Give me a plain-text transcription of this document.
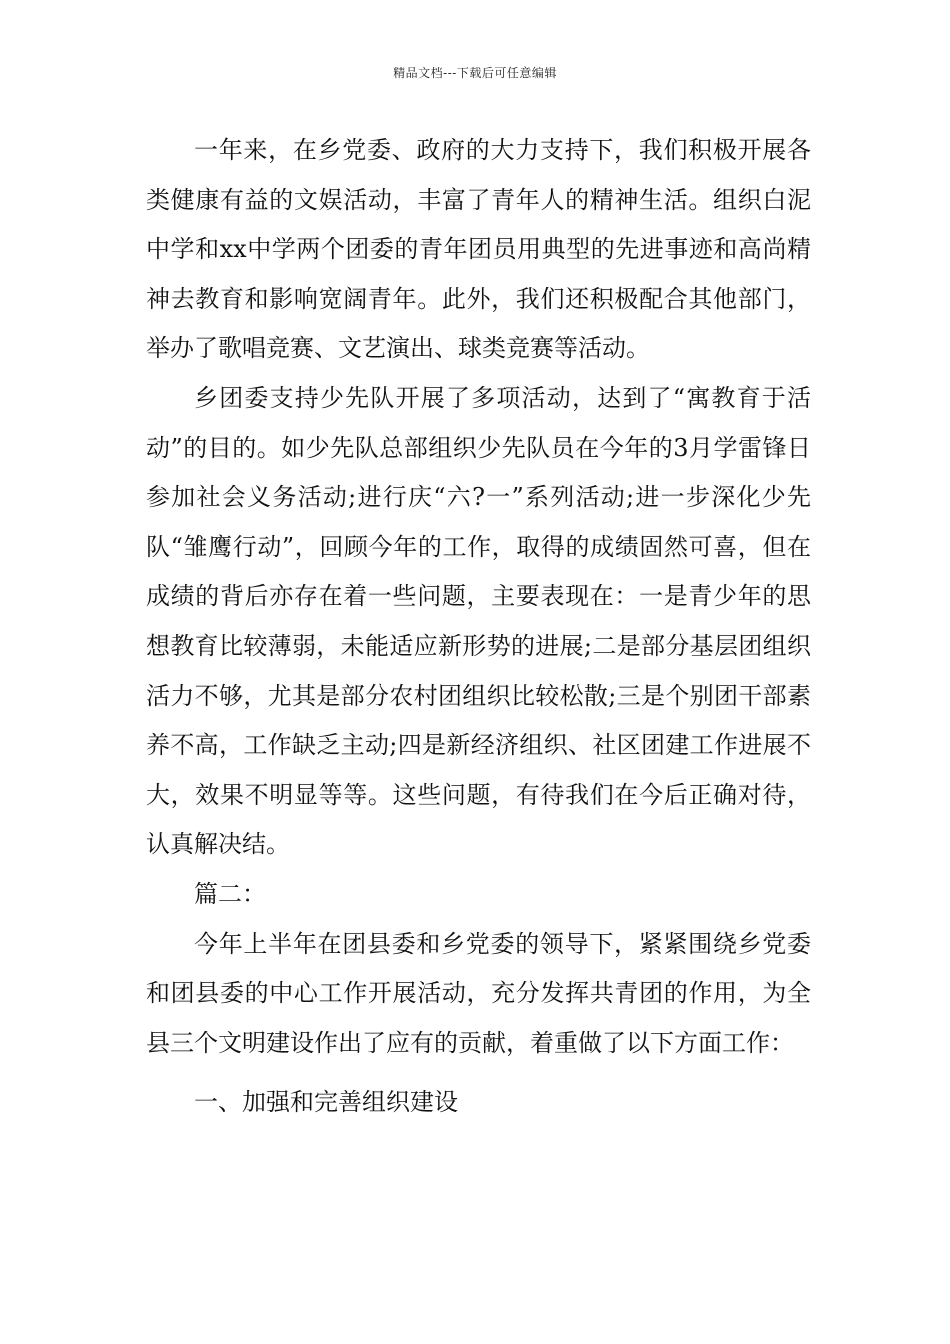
精品文档---下载后可任意编辑

一年来，在乡党委、政府的大力支持下，我们积极开展各类健康有益的文娱活动，丰富了青年人的精神生活。组织白泥中学和xx中学两个团委的青年团员用典型的先进事迹和高尚精神去教育和影响宽阔青年。此外，我们还积极配合其他部门，举办了歌唱竞赛、文艺演出、球类竞赛等活动。

乡团委支持少先队开展了多项活动，达到了“寓教育于活动”的目的。如少先队总部组织少先队员在今年的3月学雷锋日参加社会义务活动;进行庆“六?一”系列活动;进一步深化少先队“雏鹰行动”，回顾今年的工作，取得的成绩固然可喜，但在成绩的背后亦存在着一些问题，主要表现在：一是青少年的思想教育比较薄弱，未能适应新形势的进展;二是部分基层团组织活力不够，尤其是部分农村团组织比较松散;三是个别团干部素养不高，工作缺乏主动;四是新经济组织、社区团建工作进展不大，效果不明显等等。这些问题，有待我们在今后正确对待，认真解决结。

篇二：

今年上半年在团县委和乡党委的领导下，紧紧围绕乡党委和团县委的中心工作开展活动，充分发挥共青团的作用，为全县三个文明建设作出了应有的贡献，着重做了以下方面工作：

一、加强和完善组织建设
